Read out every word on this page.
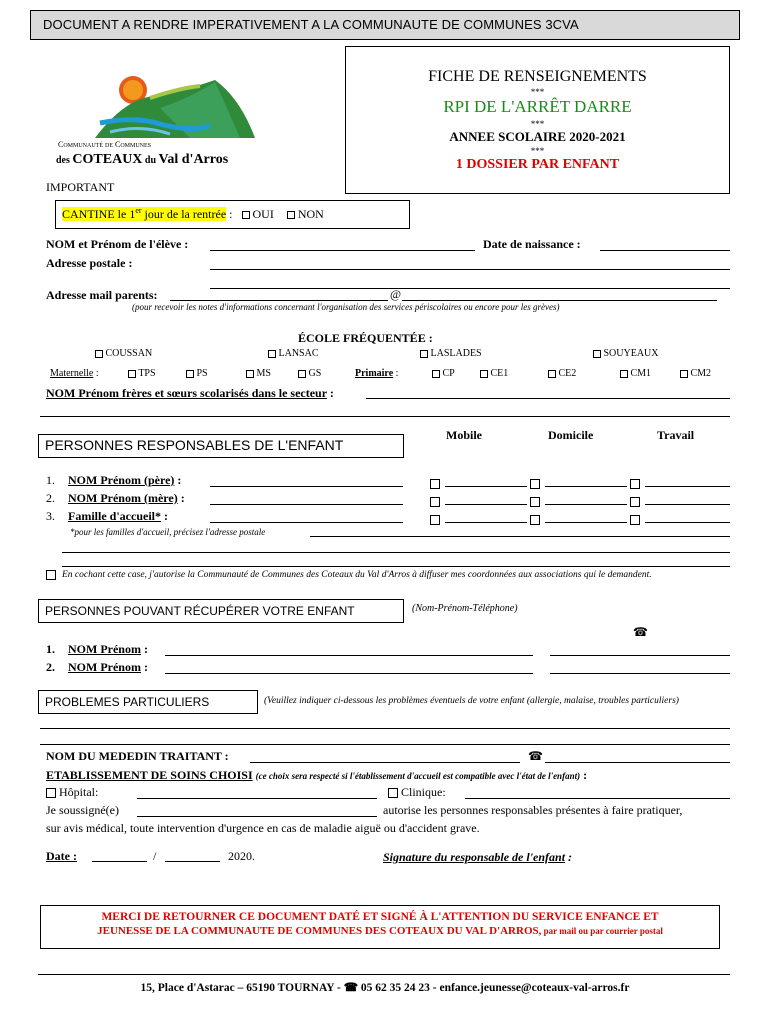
DOCUMENT A RENDRE IMPERATIVEMENT A LA COMMUNAUTE DE COMMUNES 3CVA
Communauté de Communes
des COTEAUX du Val d'Arros
FICHE DE RENSEIGNEMENTS
***
RPI DE L'ARRÊT DARRE
***
ANNEE SCOLAIRE 2020-2021
***
1 DOSSIER PAR ENFANT
IMPORTANT
CANTINE le 1er jour de la rentrée : OUI NON
NOM et Prénom de l'élève :	Date de naissance :
Adresse postale :
Adresse mail parents:	@
(pour recevoir les notes d'informations concernant l'organisation des services périscolaires ou encore pour les grèves)
ÉCOLE FRÉQUENTÉE :
COUSSAN	LANSAC	LASLADES	SOUYEAUX
Maternelle :	TPS	PS	MS	GS	Primaire :	CP	CE1	CE2	CM1	CM2
NOM Prénom frères et sœurs scolarisés dans le secteur :
PERSONNES RESPONSABLES DE L'ENFANT
Mobile	Domicile	Travail
1. NOM Prénom (père) :
2. NOM Prénom (mère) :
3. Famille d'accueil* :
*pour les familles d'accueil, précisez l'adresse postale
En cochant cette case, j'autorise la Communauté de Communes des Coteaux du Val d'Arros à diffuser mes coordonnées aux associations qui le demandent.
PERSONNES POUVANT RÉCUPÉRER VOTRE ENFANT	(Nom-Prénom-Téléphone)
☎
1. NOM Prénom :
2. NOM Prénom :
PROBLEMES PARTICULIERS	(Veuillez indiquer ci-dessous les problèmes éventuels de votre enfant (allergie, malaise, troubles particuliers)
NOM DU MEDEDIN TRAITANT :	☎
ETABLISSEMENT DE SOINS CHOISI (ce choix sera respecté si l'établissement d'accueil est compatible avec l'état de l'enfant) :
Hôpital:	Clinique:
Je soussigné(e)	autorise les personnes responsables présentes à faire pratiquer,
sur avis médical, toute intervention d'urgence en cas de maladie aiguë ou d'accident grave.
Date :	/	2020.	Signature du responsable de l'enfant :
MERCI DE RETOURNER CE DOCUMENT DATÉ ET SIGNÉ À L'ATTENTION DU SERVICE ENFANCE ET
JEUNESSE DE LA COMMUNAUTE DE COMMUNES DES COTEAUX DU VAL D'ARROS, par mail ou par courrier postal
15, Place d'Astarac – 65190 TOURNAY - ☎ 05 62 35 24 23 - enfance.jeunesse@coteaux-val-arros.fr
